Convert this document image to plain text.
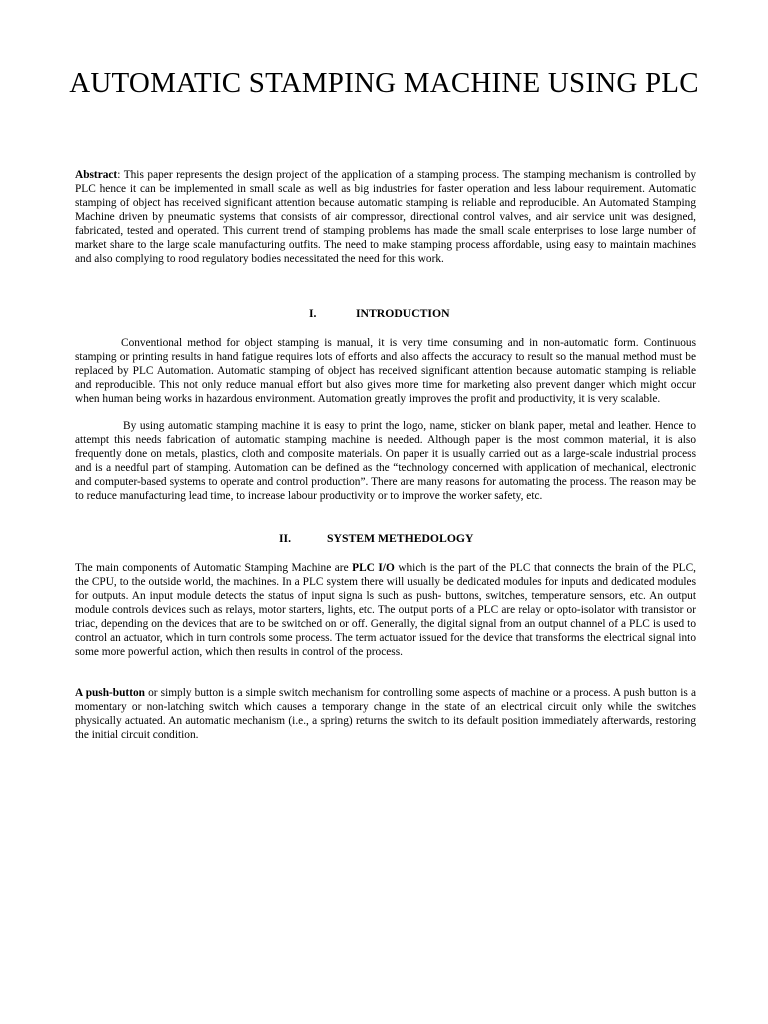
AUTOMATIC STAMPING MACHINE USING PLC

Abstract: This paper represents the design project of the application of a stamping process. The stamping mechanism is controlled by PLC hence it can be implemented in small scale as well as big industries for faster operation and less labour requirement. Automatic stamping of object has received significant attention because automatic stamping is reliable and reproducible. An Automated Stamping Machine driven by pneumatic systems that consists of air compressor, directional control valves, and air service unit was designed, fabricated, tested and operated. This current trend of stamping problems has made the small scale enterprises to lose large number of market share to the large scale manufacturing outfits. The need to make stamping process affordable, using easy to maintain machines and also complying to rood regulatory bodies necessitated the need for this work.

I.	INTRODUCTION

Conventional method for object stamping is manual, it is very time consuming and in non-automatic form. Continuous stamping or printing results in hand fatigue requires lots of efforts and also affects the accuracy to result so the manual method must be replaced by PLC Automation. Automatic stamping of object has received significant attention because automatic stamping is reliable and reproducible. This not only reduce manual effort but also gives more time for marketing also prevent danger which might occur when human being works in hazardous environment. Automation greatly improves the profit and productivity, it is very scalable.

By using automatic stamping machine it is easy to print the logo, name, sticker on blank paper, metal and leather. Hence to attempt this needs fabrication of automatic stamping machine is needed. Although paper is the most common material, it is also frequently done on metals, plastics, cloth and composite materials. On paper it is usually carried out as a large-scale industrial process and is a needful part of stamping. Automation can be defined as the “technology concerned with application of mechanical, electronic and computer-based systems to operate and control production”. There are many reasons for automating the process. The reason may be to reduce manufacturing lead time, to increase labour productivity or to improve the worker safety, etc.

II.	SYSTEM METHEDOLOGY

The main components of Automatic Stamping Machine are PLC I/O which is the part of the PLC that connects the brain of the PLC, the CPU, to the outside world, the machines. In a PLC system there will usually be dedicated modules for inputs and dedicated modules for outputs. An input module detects the status of input signa ls such as push- buttons, switches, temperature sensors, etc. An output module controls devices such as relays, motor starters, lights, etc. The output ports of a PLC are relay or opto-isolator with transistor or triac, depending on the devices that are to be switched on or off. Generally, the digital signal from an output channel of a PLC is used to control an actuator, which in turn controls some process. The term actuator issued for the device that transforms the electrical signal into some more powerful action, which then results in control of the process.

A push-button or simply button is a simple switch mechanism for controlling some aspects of machine or a process. A push button is a momentary or non-latching switch which causes a temporary change in the state of an electrical circuit only while the switches physically actuated. An automatic mechanism (i.e., a spring) returns the switch to its default position immediately afterwards, restoring the initial circuit condition.
